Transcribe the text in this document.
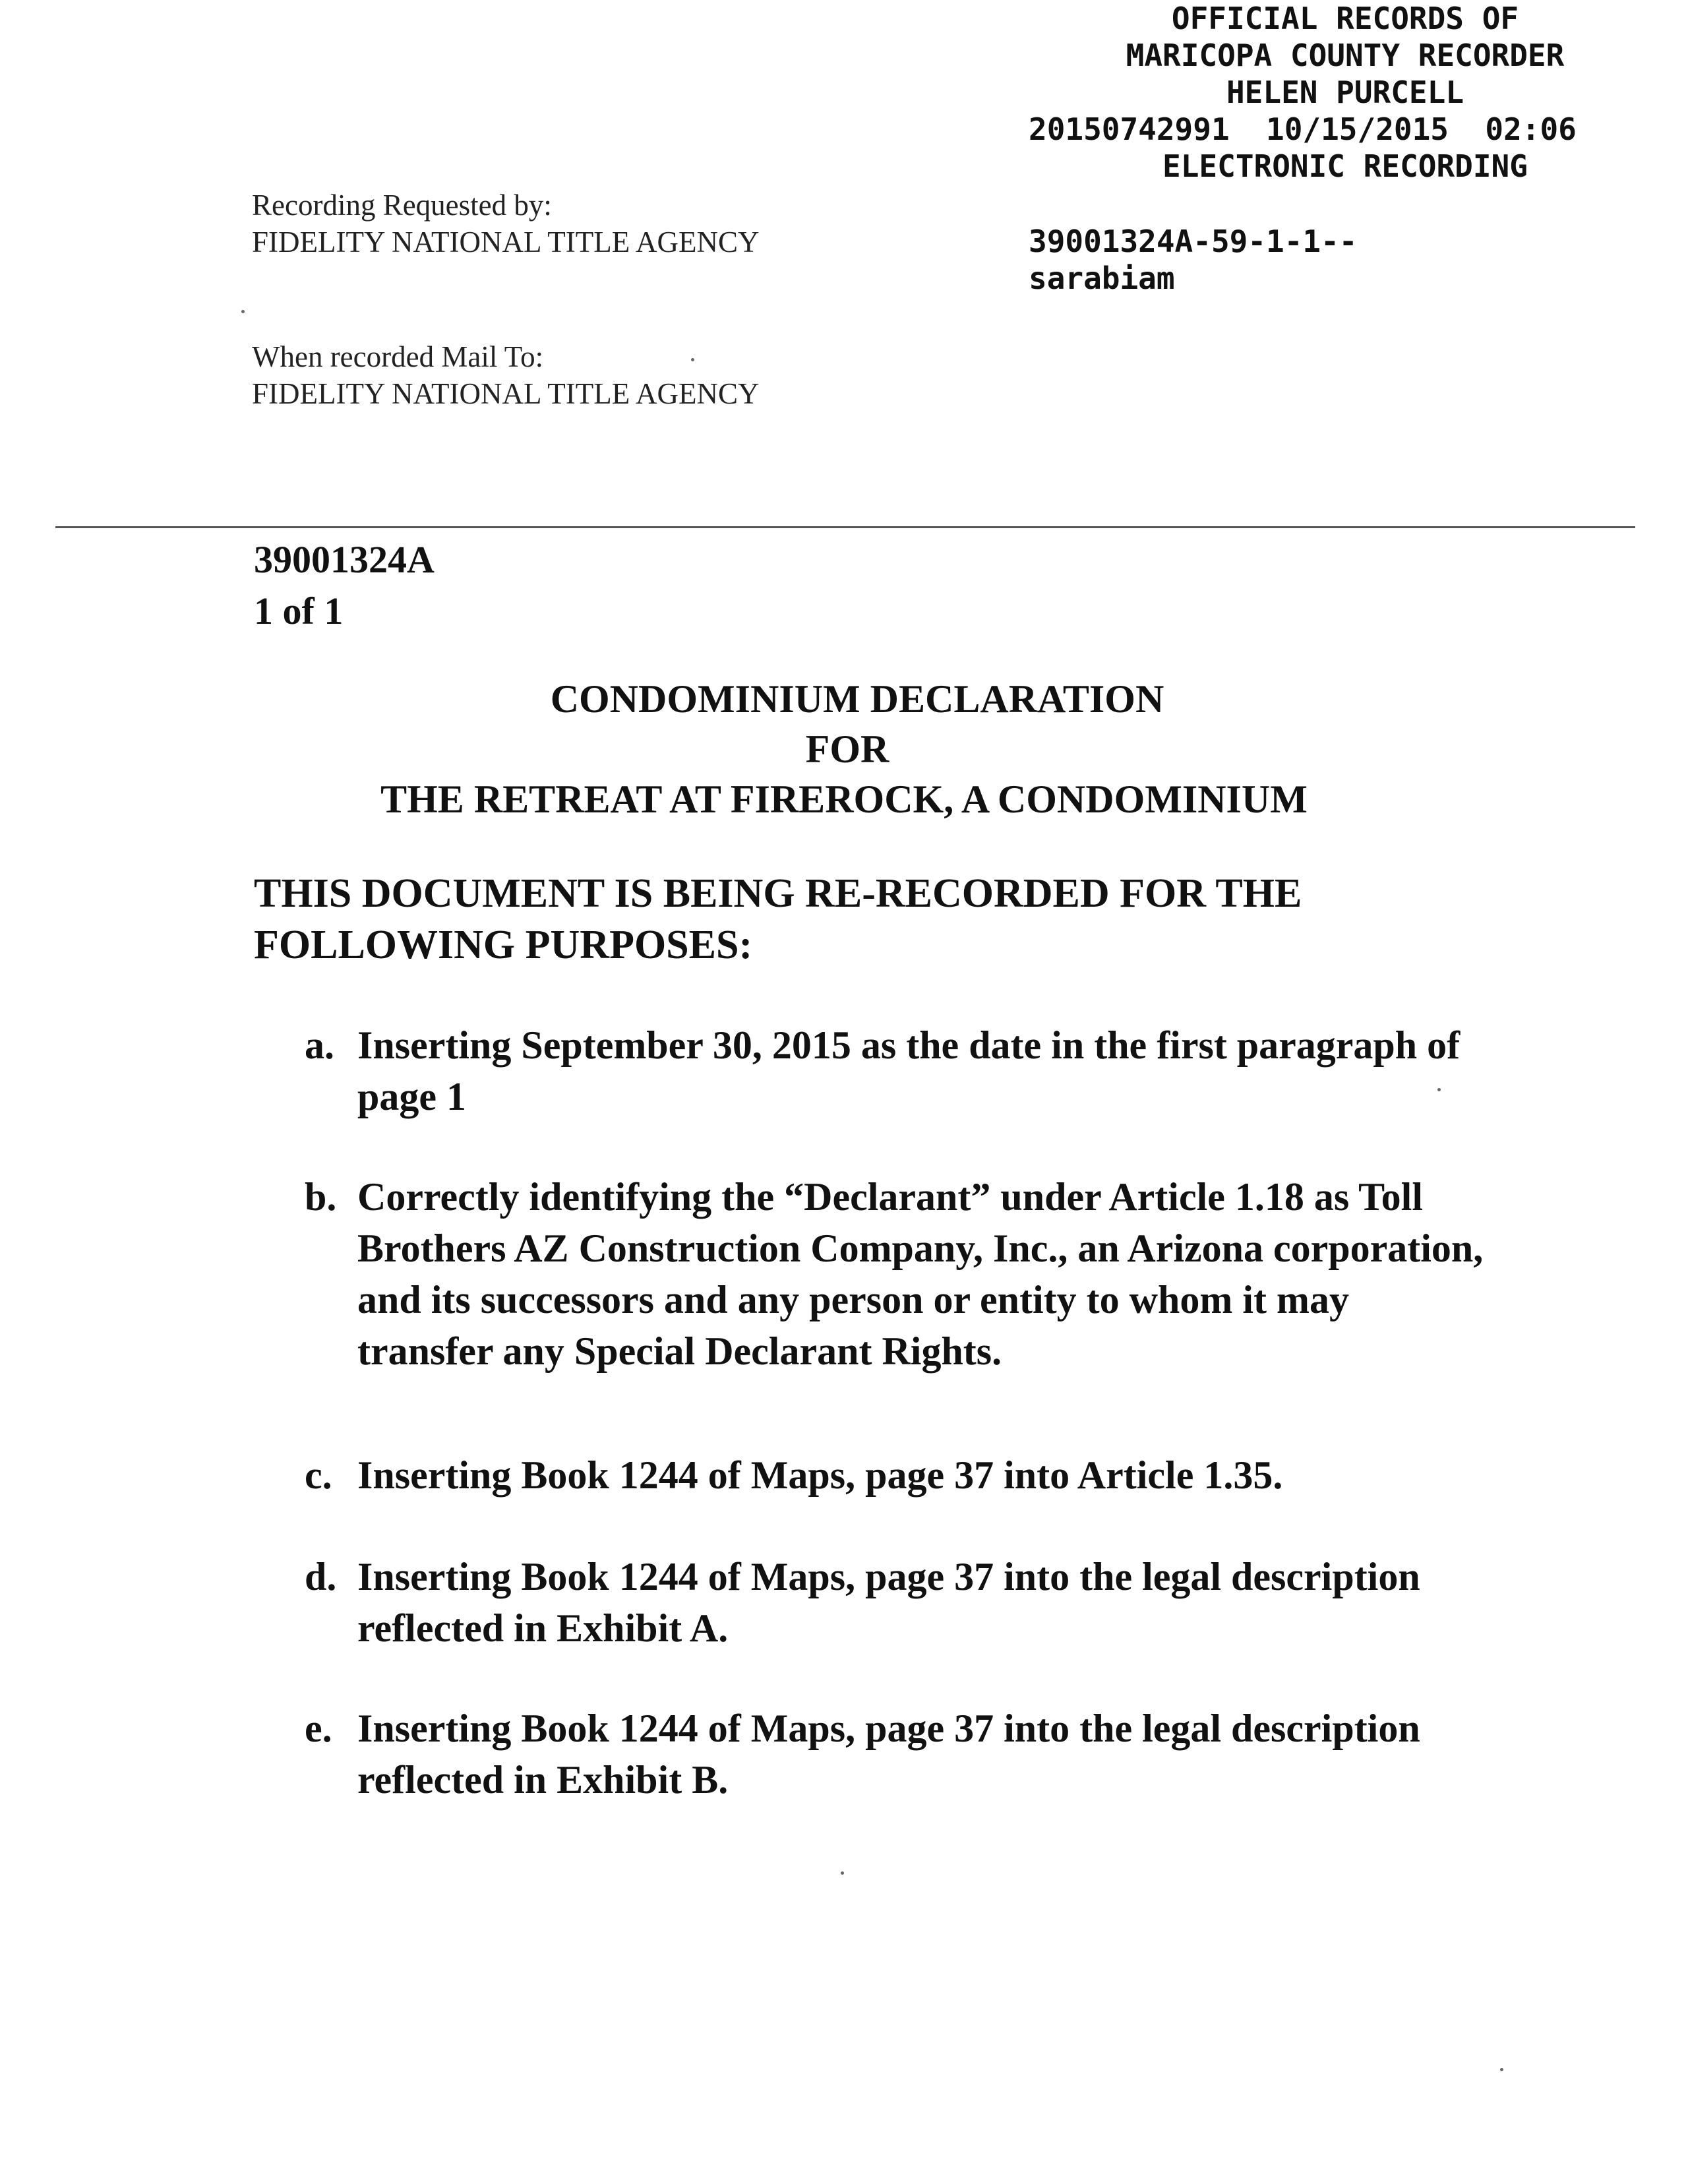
OFFICIAL RECORDS OF
MARICOPA COUNTY RECORDER
HELEN PURCELL
20150742991 10/15/2015 02:06
ELECTRONIC RECORDING
39001324A-59-1-1--
sarabiam
Recording Requested by:
FIDELITY NATIONAL TITLE AGENCY
When recorded Mail To:
FIDELITY NATIONAL TITLE AGENCY
39001324A
1 of 1
CONDOMINIUM DECLARATION
FOR
THE RETREAT AT FIREROCK, A CONDOMINIUM
THIS DOCUMENT IS BEING RE-RECORDED FOR THE FOLLOWING PURPOSES:
a. Inserting September 30, 2015 as the date in the first paragraph of page 1
b. Correctly identifying the “Declarant” under Article 1.18 as Toll Brothers AZ Construction Company, Inc., an Arizona corporation, and its successors and any person or entity to whom it may transfer any Special Declarant Rights.
c. Inserting Book 1244 of Maps, page 37 into Article 1.35.
d. Inserting Book 1244 of Maps, page 37 into the legal description reflected in Exhibit A.
e. Inserting Book 1244 of Maps, page 37 into the legal description reflected in Exhibit B.
